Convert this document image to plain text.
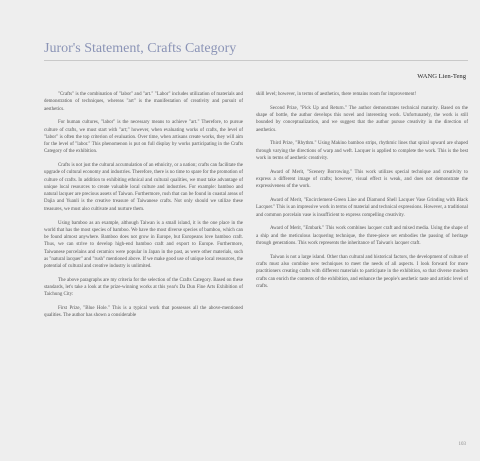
Juror's Statement, Crafts Category
WANG Lien-Teng

"Crafts" is the combination of "labor" and "art." "Labor" includes utilization of materials and demonstration of techniques, whereas "art" is the manifestation of creativity and pursuit of aesthetics.

For human cultures, "labor" is the necessary means to achieve "art." Therefore, to pursue culture of crafts, we must start with "art;" however, when evaluating works of crafts, the level of "labor" is often the top criterion of evaluation. Over time, when artisans create works, they will aim for the level of "labor." This phenomenon is put on full display by works participating in the Crafts Category of the exhibition.

Crafts is not just the cultural accumulation of an ethnicity, or a nation; crafts can facilitate the upgrade of cultural economy and industries. Therefore, there is no time to spare for the promotion of culture of crafts. In addition to exhibiting ethnical and cultural qualities, we must take advantage of unique local resources to create valuable local culture and industries. For example: bamboo and natural lacquer are precious assets of Taiwan. Furthermore, rush that can be found in coastal areas of Dajia and Yuanli is the creative treasure of Taiwanese crafts. Not only should we utilize these treasures, we must also cultivate and nurture them.

Using bamboo as an example, although Taiwan is a small island, it is the one place in the world that has the most species of bamboo. We have the most diverse species of bamboo, which can be found almost anywhere. Bamboo does not grow in Europe, but Europeans love bamboo craft. Thus, we can strive to develop high-end bamboo craft and export to Europe. Furthermore, Taiwanese porcelains and ceramics were popular in Japan in the past, as were other materials, such as "natural lacquer" and "rush" mentioned above. If we make good use of unique local resources, the potential of cultural and creative industry is unlimited.

The above paragraphs are my criteria for the selection of the Crafts Category. Based on these standards, let's take a look at the prize-winning works at this year's Da Dun Fine Arts Exhibition of Taichung City:

First Prize, "Blue Hole." This is a typical work that possesses all the above-mentioned qualities. The author has shown a considerable

skill level; however, in terms of aesthetics, there remains room for improvement!

Second Prize, "Pick Up and Return." The author demonstrates technical maturity. Based on the shape of bottle, the author develops this novel and interesting work. Unfortunately, the work is still bounded by conceptualization, and we suggest that the author pursue creativity in the direction of aesthetics.

Third Prize, "Rhythm." Using Makino bamboo strips, rhythmic lines that spiral upward are shaped through varying the directions of warp and weft. Lacquer is applied to complete the work. This is the best work in terms of aesthetic creativity.

Award of Merit, "Scenery Borrowing." This work utilizes special technique and creativity to express a different image of crafts; however, visual effect is weak, and does not demonstrate the expressiveness of the work.

Award of Merit, "Encirclement-Green Line and Diamond Shell Lacquer Vase Grinding with Black Lacquer." This is an impressive work in terms of material and technical expressions. However, a traditional and common porcelain vase is insufficient to express compelling creativity.

Award of Merit, "Embark." This work combines lacquer craft and mixed media. Using the shape of a ship and the meticulous lacquering technique, the three-piece set embodies the passing of heritage through generations. This work represents the inheritance of Taiwan's lacquer craft.

Taiwan is not a large island. Other than cultural and historical factors, the development of culture of crafts must also combine new techniques to meet the needs of all aspects. I look forward for more practitioners creating crafts with different materials to participate in the exhibition, so that diverse modern crafts can enrich the contents of the exhibition, and enhance the people's aesthetic taste and artistic level of crafts.

103
